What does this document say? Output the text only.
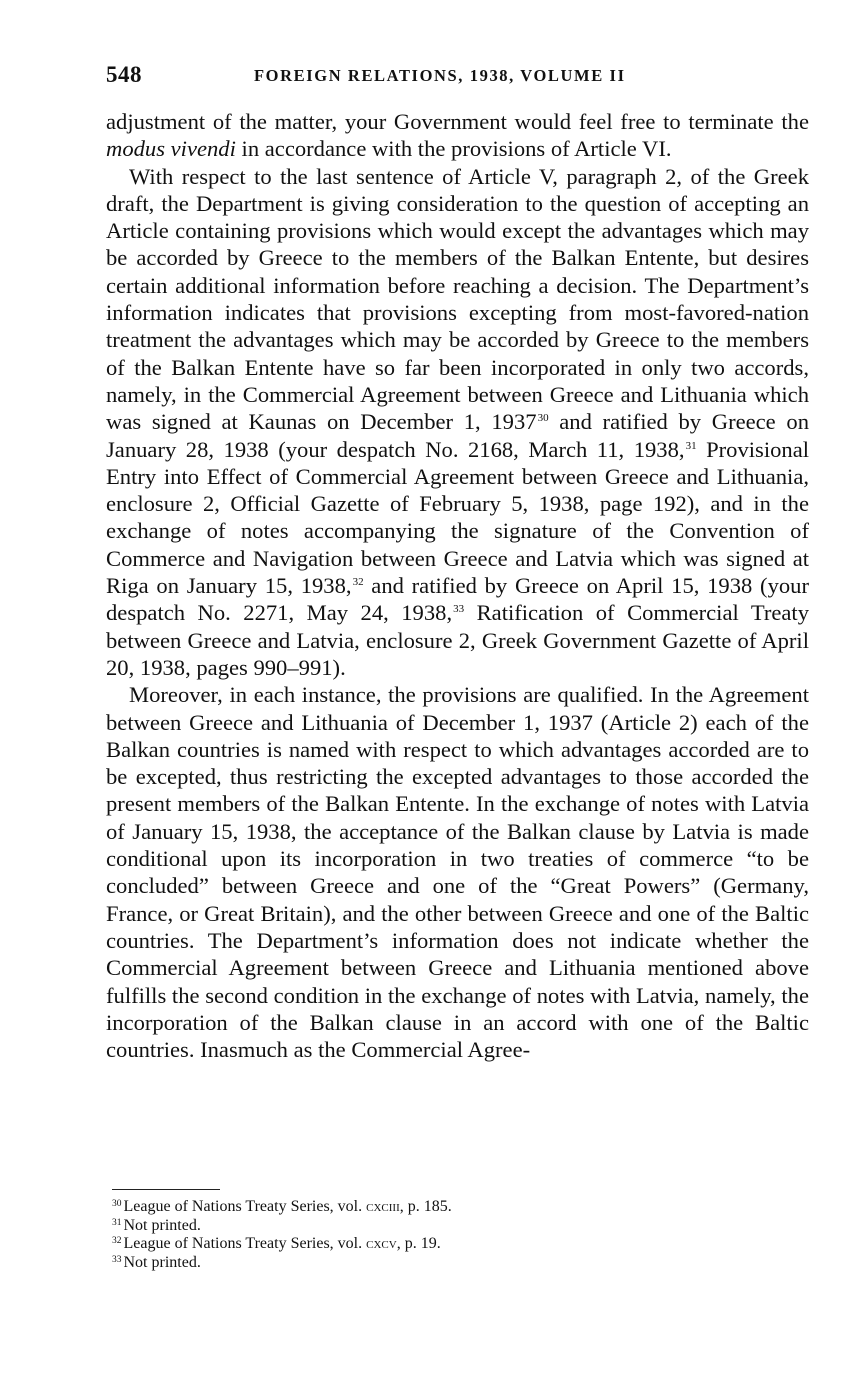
548	FOREIGN RELATIONS, 1938, VOLUME II

adjustment of the matter, your Government would feel free to terminate the modus vivendi in accordance with the provisions of Article VI.

With respect to the last sentence of Article V, paragraph 2, of the Greek draft, the Department is giving consideration to the question of accepting an Article containing provisions which would except the advantages which may be accorded by Greece to the members of the Balkan Entente, but desires certain additional information before reaching a decision. The Department’s information indicates that provisions excepting from most-favored-nation treatment the advantages which may be accorded by Greece to the members of the Balkan Entente have so far been incorporated in only two accords, namely, in the Commercial Agreement between Greece and Lithuania which was signed at Kaunas on December 1, 1937$^{30}$ and ratified by Greece on January 28, 1938 (your despatch No. 2168, March 11, 1938,31 Provisional Entry into Effect of Commercial Agreement between Greece and Lithuania, enclosure 2, Official Gazette of February 5, 1938, page 192), and in the exchange of notes accompanying the signature of the Convention of Commerce and Navigation between Greece and Latvia which was signed at Riga on January 15, 1938,32 and ratified by Greece on April 15, 1938 (your despatch No. 2271, May 24, 1938,33 Ratification of Commercial Treaty between Greece and Latvia, enclosure 2, Greek Government Gazette of April 20, 1938, pages 990–991).

Moreover, in each instance, the provisions are qualified. In the Agreement between Greece and Lithuania of December 1, 1937 (Article 2) each of the Balkan countries is named with respect to which advantages accorded are to be excepted, thus restricting the excepted advantages to those accorded the present members of the Balkan Entente. In the exchange of notes with Latvia of January 15, 1938, the acceptance of the Balkan clause by Latvia is made conditional upon its incorporation in two treaties of commerce “to be concluded” between Greece and one of the “Great Powers” (Germany, France, or Great Britain), and the other between Greece and one of the Baltic countries. The Department’s information does not indicate whether the Commercial Agreement between Greece and Lithuania mentioned above fulfills the second condition in the exchange of notes with Latvia, namely, the incorporation of the Balkan clause in an accord with one of the Baltic countries. Inasmuch as the Commercial Agree-

$^{30}$ League of Nations Treaty Series, vol. cxciii, p. 185.

$^{31}$ Not printed.

$^{32}$ League of Nations Treaty Series, vol. cxcv, p. 19.

$^{33}$ Not printed.
